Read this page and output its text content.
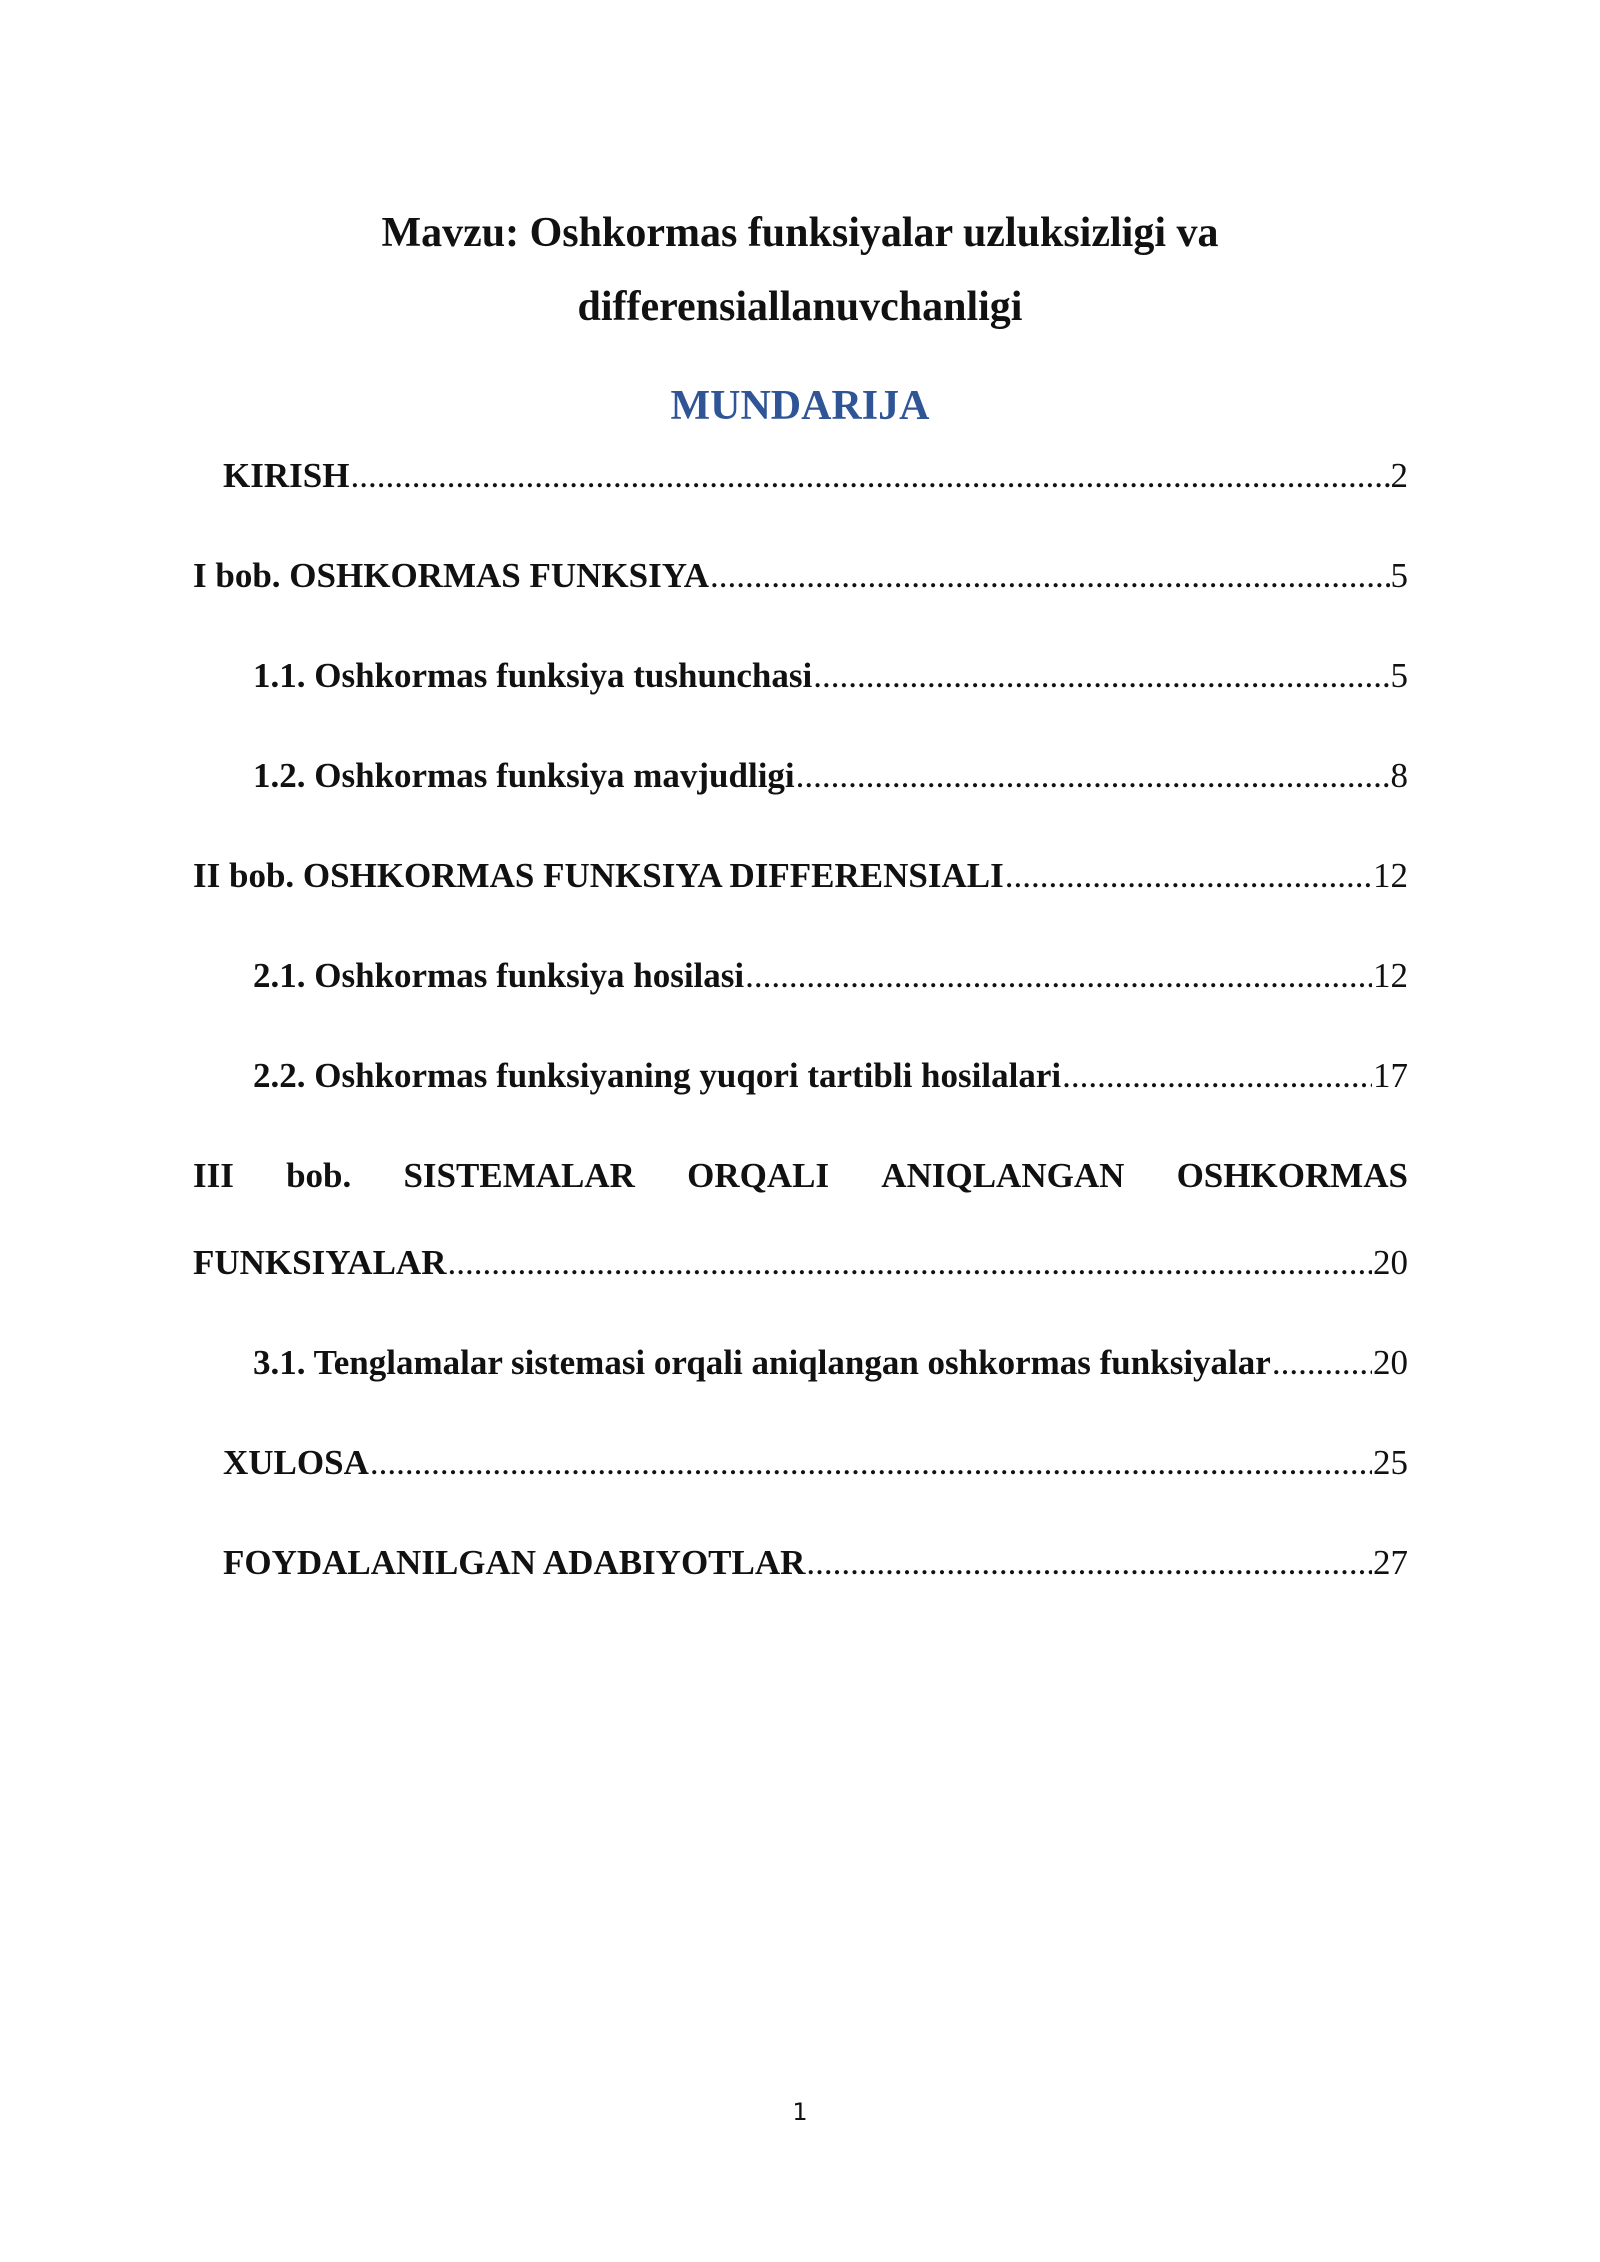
Mavzu: Oshkormas funksiyalar uzluksizligi va
differensiallanuvchanligi
MUNDARIJA
KIRISH .....	2
I bob. OSHKORMAS FUNKSIYA .....	5
1.1. Oshkormas funksiya tushunchasi .....	5
1.2. Oshkormas funksiya mavjudligi .....	8
II bob. OSHKORMAS FUNKSIYA DIFFERENSIALI .....	12
2.1. Oshkormas funksiya hosilasi .....	12
2.2. Oshkormas funksiyaning yuqori tartibli hosilalari .....	17
III bob. SISTEMALAR ORQALI ANIQLANGAN OSHKORMAS
FUNKSIYALAR .....	20
3.1. Tenglamalar sistemasi orqali aniqlangan oshkormas funksiyalar .....	20
XULOSA .....	25
FOYDALANILGAN ADABIYOTLAR .....	27
1
